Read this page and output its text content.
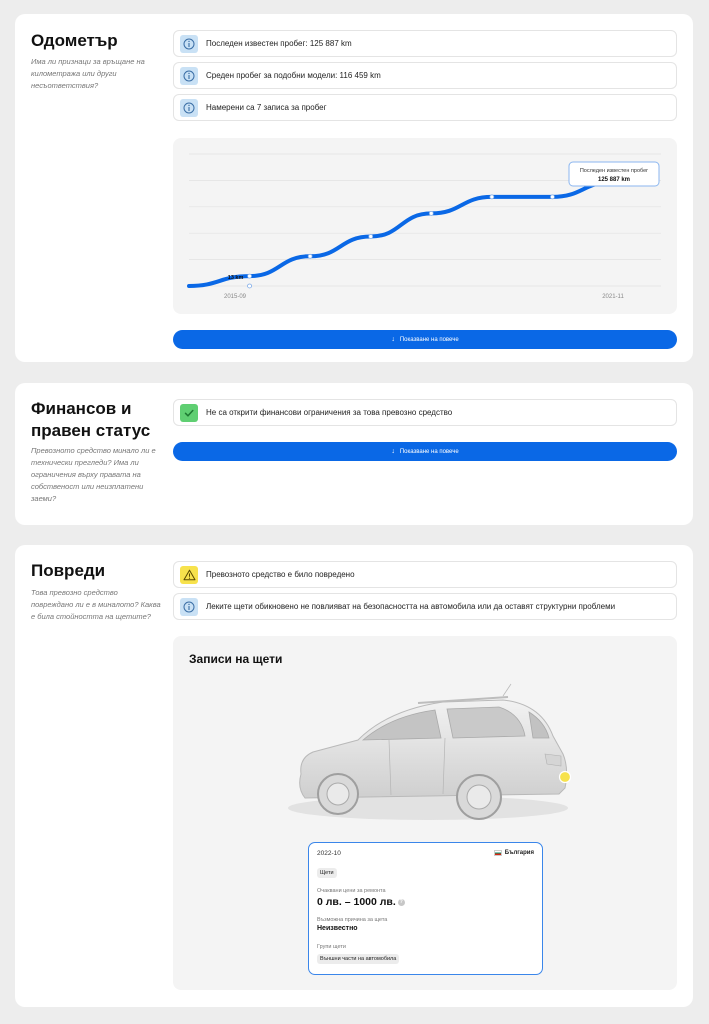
Одометър
Има ли признаци за връщане на километража или други несъответствия?
Последен известен пробег: 125 887 km
Среден пробег за подобни модели: 116 459 km
Намерени са 7 записа за пробег
13 km
2015-09	2021-11
Последен известен пробег
125 887 km
↓ Показване на повече
Финансов и правен статус
Превозното средство минало ли е технически прегледи? Има ли ограничения върху правата на собственост или неизплатени заеми?
Не са открити финансови ограничения за това превозно средство
↓ Показване на повече
Повреди
Това превозно средство повреждано ли е в миналото? Каква е била стойността на щетите?
Превозното средство е било повредено
Леките щети обикновено не повлияват на безопасността на автомобила или да оставят структурни проблеми
Записи на щети
2022-10	България
Щети
Очаквани цени за ремонта
0 лв. – 1000 лв. ?
Възможна причина за щета
Неизвестно
Групи щети
Външни части на автомобила
